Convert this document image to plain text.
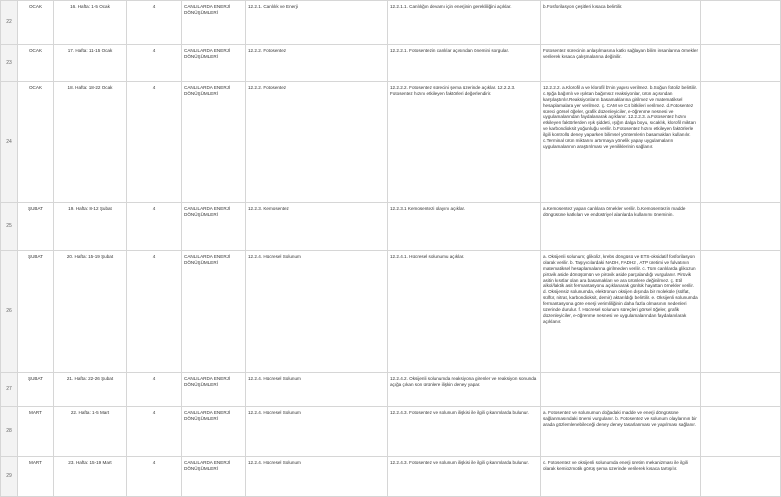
22	OCAK	16. Hafta: 1-5 Ocak	4	CANLILARDA ENERJİ DÖNÜŞÜMLERİ	12.2.1. Canlılık ve Enerji	12.2.1.1. Canlılığın devamı için enerjinin gerekliliğini açıklar.	b.Fosforilasyon çeşitleri kısaca belirtilir.	
23	OCAK	17. Hafta: 11-15 Ocak	4	CANLILARDA ENERJİ DÖNÜŞÜMLERİ	12.2.2. Fotosentez	12.2.2.1. Fotosentezin canlılar açısından önemini sorgular.	Fotosentez sürecinin anlaşılmasına katkı sağlayan bilim insanlarına örnekler verilerek kısaca çalışmalarına değinilir.	
24	OCAK	18. Hafta: 18-22 Ocak	4	CANLILARDA ENERJİ DÖNÜŞÜMLERİ	12.2.2. Fotosentez	12.2.2.2. Fotosentez sürecini şema üzerinde açıklar. 12.2.2.3. Fotosentez hızını etkileyen faktörleri değerlendirir.	12.2.2.2. a.Klorofil a ve klorofil b'nin yapısı verilmez. b.Soğun fotoliz belirtilir. c.Işığa bağımlı ve ışıktan bağımsız reaksiyonlar, ürün açısından karşılaştırılır.Reaksiyonların basamaklarına girilmez ve matematiksel hesaplamalara yer verilmez. ç. CAM ve C4 bitkileri verilmez. d.Fotosentez süreci görsel öğeler, grafik düzenleyiciler, e-öğrenme nesnesi ve uygulamalarından faydalanarak açıklanır. 12.2.2.3. a.Fotosentez hızını etkileyen faktörlerden ışık şiddeti, ışığın dalga boyu, sıcaklık, klorofil miktarı ve karbondioksit yoğunluğu verilir. b.Fotosentez hızını etkileyen faktörlerle ilgili kontrollü deney yaparken bilimsel yöntemlerin basamakları kullanılır. c.Terminal ürün miktarını artırmaya yönelik yapay uygulamaların uygulamalarının araştırılması ve yeniliklerinin sağlanır.	
25	ŞUBAT	19. Hafta: 8-12 Şubat	4	CANLILARDA ENERJİ DÖNÜŞÜMLERİ	12.2.3. Kemosentez	12.2.3.1 Kemosentezi olayını açıklar.	a.Kemosentez yapan canlılara örnekler verilir. b.Kemosentezin madde döngüsüne katkıları ve endüstriyel alanlarda kullanımı öneminin.	
26	ŞUBAT	20. Hafta: 15-19 Şubat	4	CANLILARDA ENERJİ DÖNÜŞÜMLERİ	12.2.4. Hücresel Solunum	12.2.4.1. Hücresel solunumu açıklar.	a. Oksijenli solunum; glikoliz, krebs döngüsü ve ETS-oksidatif fosforilasyon olarak verilir. b. Taşıyıcılardaki NADH, FADH2 , ATP üretimi ve fulvatının matematiksel hesaplamalarına girilmeden verilir. c. Tüm canlılarda glikozun pirüvik aside dönüşümün ve pirüvik aside parçalandığı vurgulanır. Pirüvik asitin kısıtlar olan ara basamakları ve ara ürünlere değinilmez. ç. Etil alkol/laktik asit fermantasyonu açıklanarak günlük hayattan örnekler verilir. d. Oksijensiz solunumda, elektronun oksijen dışında bir moleküle (sülfat, sülfür, nitrat, karbondioksit, demir) aktarıldığı belirtilir. e. Oksijenli solunumda fermantasyona göre enerji verimliliğinin daha fazla olmasının nedenleri üzerinde durulur. f. Hücresel solunum süreçleri görsel öğeler, grafik düzenleyiciler, e-öğrenme nesnesi ve uygulamalarından faydalanılarak açıklanır.	
27	ŞUBAT	21. Hafta: 22-26 Şubat	4	CANLILARDA ENERJİ DÖNÜŞÜMLERİ	12.2.4. Hücresel Solunum	12.2.4.2. Oksijenli solunumda reaksiyona girenler ve reaksiyon sonunda açığa çıkan son ürünlere ilişkin deney yapar.		
28	MART	22. Hafta: 1-5 Mart	4	CANLILARDA ENERJİ DÖNÜŞÜMLERİ	12.2.4. Hücresel Solunum	12.2.4.3. Fotosentez ve solunum ilişkisi ile ilgili çıkarımlarda bulunur.	a. Fotosentez ve solunumun doğadaki madde ve enerji döngüsüne sağlanmasındaki önemi vurgulanır. b. Fotosentez ve solunum olaylarının bir arada gözlemlenebileceği deney deney tasarlanması ve yapılması sağlanır.	
29	MART	23. Hafta: 15-19 Mart	4	CANLILARDA ENERJİ DÖNÜŞÜMLERİ	12.2.4. Hücresel Solunum	12.2.4.3. Fotosentez ve solunum ilişkisi ile ilgili çıkarımlarda bulunur.	c. Fotosentez ve oksijenli solunumda enerji üretim mekanizması ile ilgili olarak kemiozmotik görüş şema üzerinde verilerek kısaca tartışılır.	
